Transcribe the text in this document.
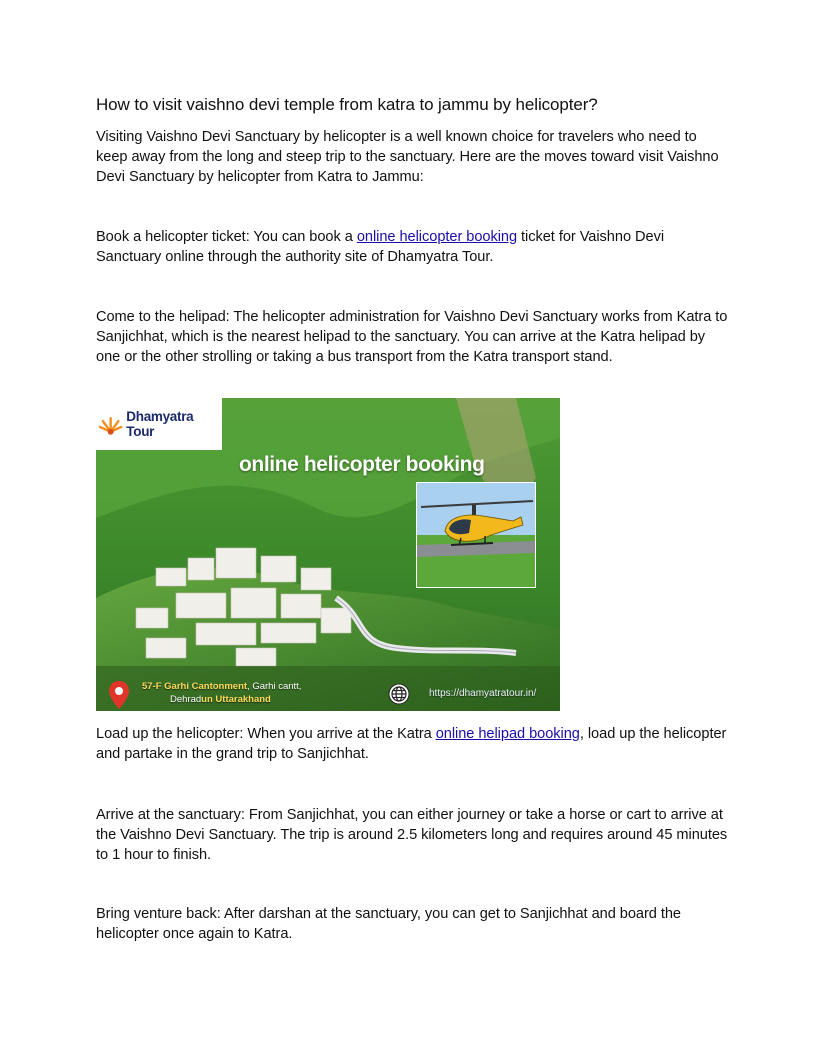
How to visit vaishno devi temple from katra to jammu by helicopter?

Visiting Vaishno Devi Sanctuary by helicopter is a well known choice for travelers who need to keep away from the long and steep trip to the sanctuary. Here are the moves toward visit Vaishno Devi Sanctuary by helicopter from Katra to Jammu:

Book a helicopter ticket: You can book a online helicopter booking ticket for Vaishno Devi Sanctuary online through the authority site of Dhamyatra Tour.

Come to the helipad: The helicopter administration for Vaishno Devi Sanctuary works from Katra to Sanjichhat, which is the nearest helipad to the sanctuary. You can arrive at the Katra helipad by one or the other strolling or taking a bus transport from the Katra transport stand.

Dhamyatra Tour
online helicopter booking
57-F Garhi Cantonment, Garhi cantt,
Dehradun Uttarakhand
https://dhamyatratour.in/

Load up the helicopter: When you arrive at the Katra online helipad booking, load up the helicopter and partake in the grand trip to Sanjichhat.

Arrive at the sanctuary: From Sanjichhat, you can either journey or take a horse or cart to arrive at the Vaishno Devi Sanctuary. The trip is around 2.5 kilometers long and requires around 45 minutes to 1 hour to finish.

Bring venture back: After darshan at the sanctuary, you can get to Sanjichhat and board the helicopter once again to Katra.
